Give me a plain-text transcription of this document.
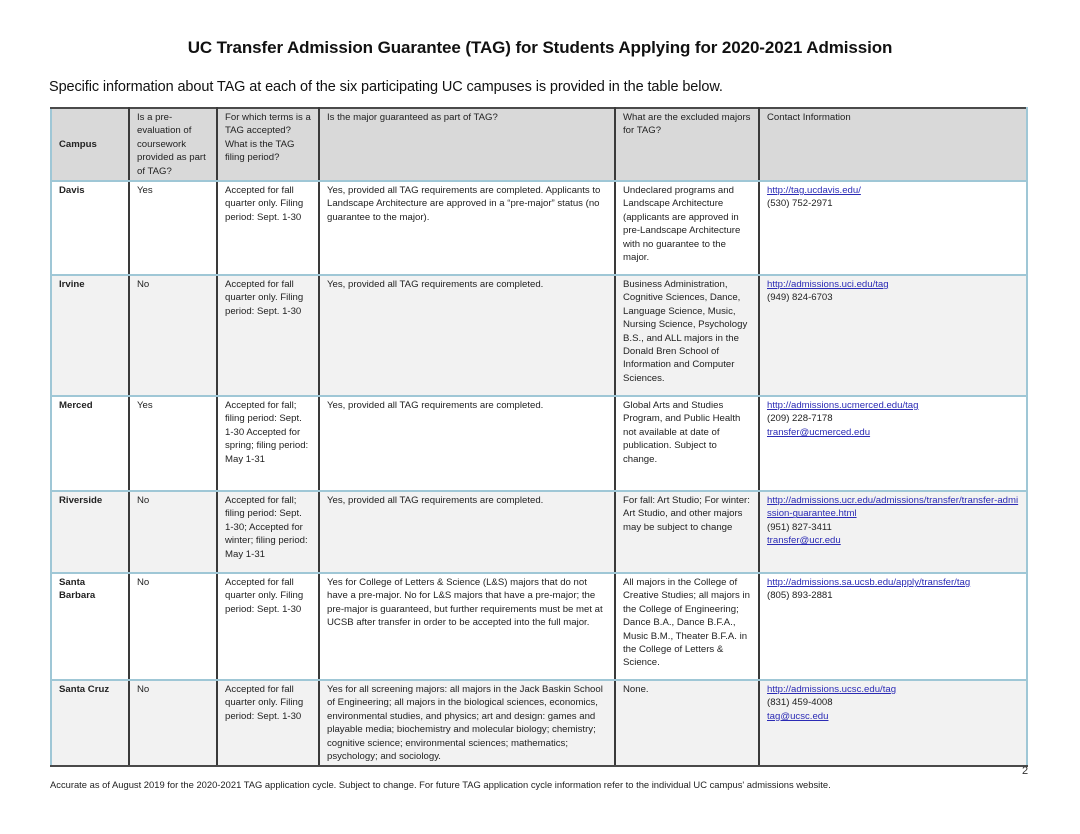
UC Transfer Admission Guarantee (TAG) for Students Applying for 2020-2021 Admission
Specific information about TAG at each of the six participating UC campuses is provided in the table below.
Campus	Is a pre-evaluation of coursework provided as part of TAG?	For which terms is a TAG accepted? What is the TAG filing period?	Is the major guaranteed as part of TAG?	What are the excluded majors for TAG?	Contact Information
Davis	Yes	Accepted for fall quarter only. Filing period: Sept. 1-30	Yes, provided all TAG requirements are completed. Applicants to Landscape Architecture are approved in a “pre-major” status (no guarantee to the major).	Undeclared programs and Landscape Architecture (applicants are approved in pre-Landscape Architecture with no guarantee to the major.	http://tag.ucdavis.edu/
(530) 752-2971

Irvine	No	Accepted for fall quarter only. Filing period: Sept. 1-30	Yes, provided all TAG requirements are completed.	Business Administration, Cognitive Sciences, Dance, Language Science, Music, Nursing Science, Psychology B.S., and ALL majors in the Donald Bren School of Information and Computer Sciences.	http://admissions.uci.edu/tag
(949) 824-6703

Merced	Yes	Accepted for fall; filing period: Sept. 1-30 Accepted for spring; filing period: May 1-31	Yes, provided all TAG requirements are completed.	Global Arts and Studies Program, and Public Health not available at date of publication. Subject to change.	http://admissions.ucmerced.edu/tag
(209) 228-7178
transfer@ucmerced.edu

Riverside	No	Accepted for fall; filing period: Sept. 1-30; Accepted for winter; filing period: May 1-31	Yes, provided all TAG requirements are completed.	For fall: Art Studio; For winter: Art Studio, and other majors may be subject to change	http://admissions.ucr.edu/admissions/transfer/transfer-admission-guarantee.html
(951) 827-3411
transfer@ucr.edu

Santa Barbara	No	Accepted for fall quarter only. Filing period: Sept. 1-30	Yes for College of Letters & Science (L&S) majors that do not have a pre-major. No for L&S majors that have a pre-major; the pre-major is guaranteed, but further requirements must be met at UCSB after transfer in order to be accepted into the full major.	All majors in the College of Creative Studies; all majors in the College of Engineering; Dance B.A., Dance B.F.A., Music B.M., Theater B.F.A. in the College of Letters & Science.	http://admissions.sa.ucsb.edu/apply/transfer/tag
(805) 893-2881

Santa Cruz	No	Accepted for fall quarter only. Filing period: Sept. 1-30	Yes for all screening majors: all majors in the Jack Baskin School of Engineering; all majors in the biological sciences, economics, environmental studies, and physics; art and design: games and playable media; biochemistry and molecular biology; chemistry; cognitive science; environmental sciences; mathematics; psychology; and sociology.	None.	http://admissions.ucsc.edu/tag
(831) 459-4008
tag@ucsc.edu
2
Accurate as of August 2019 for the 2020-2021 TAG application cycle. Subject to change. For future TAG application cycle information refer to the individual UC campus' admissions website.
